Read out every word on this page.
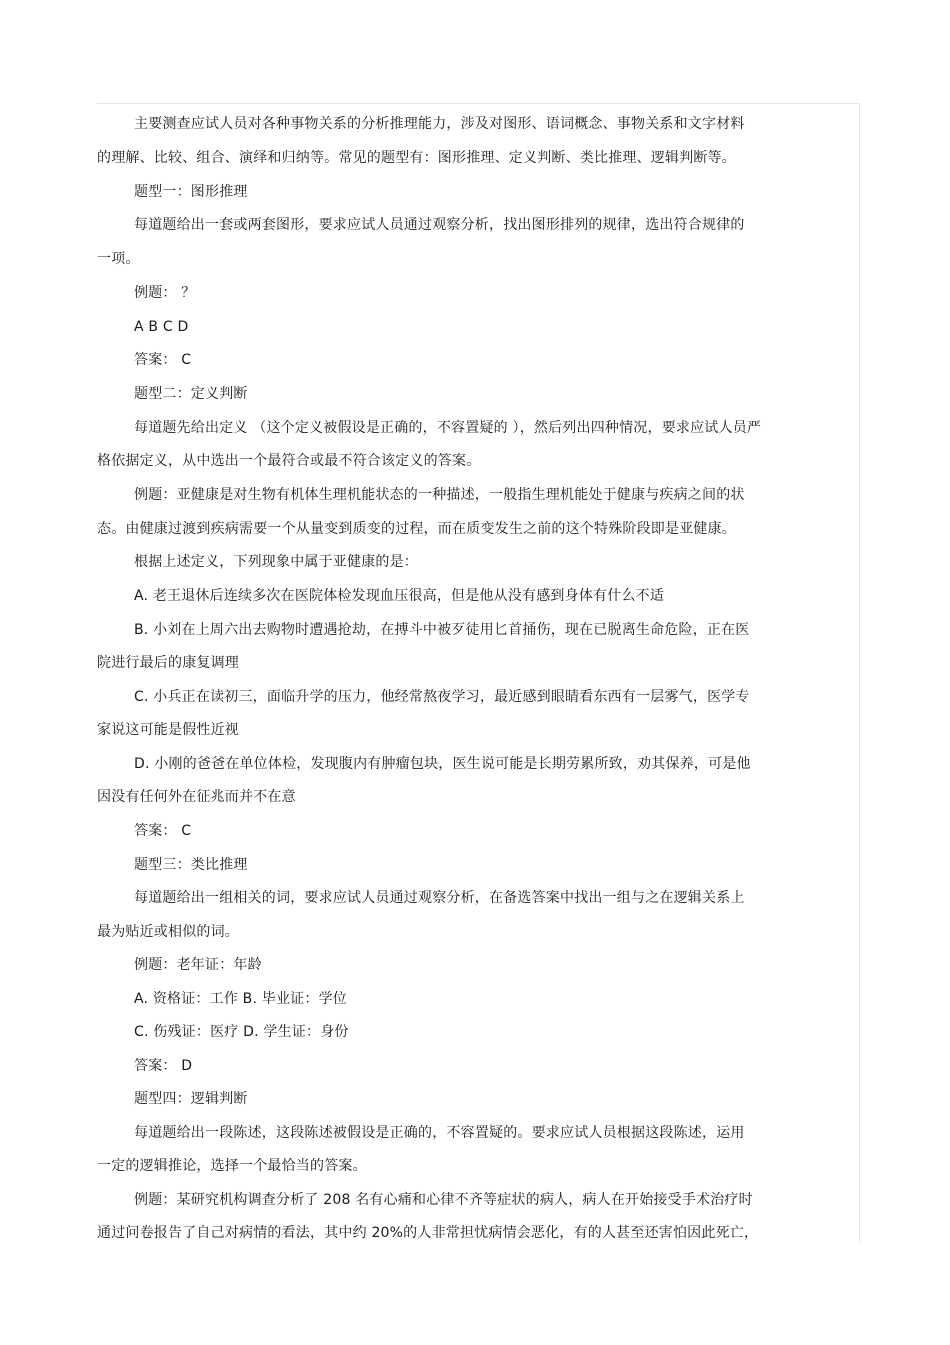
主要测查应试人员对各种事物关系的分析推理能力，涉及对图形、语词概念、事物关系和文字材料
的理解、比较、组合、演绎和归纳等。常见的题型有：图形推理、定义判断、类比推理、逻辑判断等。
题型一：图形推理
每道题给出一套或两套图形，要求应试人员通过观察分析，找出图形排列的规律，选出符合规律的
一项。
例题： ？
A B C D
答案： C
题型二：定义判断
每道题先给出定义 （这个定义被假设是正确的，不容置疑的 ），然后列出四种情况，要求应试人员严
格依据定义，从中选出一个最符合或最不符合该定义的答案。
例题：亚健康是对生物有机体生理机能状态的一种描述，一般指生理机能处于健康与疾病之间的状
态。由健康过渡到疾病需要一个从量变到质变的过程，而在质变发生之前的这个特殊阶段即是亚健康。
根据上述定义，下列现象中属于亚健康的是：
A. 老王退休后连续多次在医院体检发现血压很高，但是他从没有感到身体有什么不适
B. 小刘在上周六出去购物时遭遇抢劫，在搏斗中被歹徒用匕首捅伤，现在已脱离生命危险，正在医
院进行最后的康复调理
C. 小兵正在读初三，面临升学的压力，他经常熬夜学习，最近感到眼睛看东西有一层雾气，医学专
家说这可能是假性近视
D. 小刚的爸爸在单位体检，发现腹内有肿瘤包块，医生说可能是长期劳累所致，劝其保养，可是他
因没有任何外在征兆而并不在意
答案： C
题型三：类比推理
每道题给出一组相关的词，要求应试人员通过观察分析，在备选答案中找出一组与之在逻辑关系上
最为贴近或相似的词。
例题：老年证：年龄
A. 资格证：工作 B. 毕业证：学位
C. 伤残证：医疗 D. 学生证：身份
答案： D
题型四：逻辑判断
每道题给出一段陈述，这段陈述被假设是正确的，不容置疑的。要求应试人员根据这段陈述，运用
一定的逻辑推论，选择一个最恰当的答案。
例题：某研究机构调查分析了 208 名有心痛和心律不齐等症状的病人，病人在开始接受手术治疗时
通过问卷报告了自己对病情的看法，其中约 20%的人非常担忧病情会恶化，有的人甚至还害怕因此死亡，
